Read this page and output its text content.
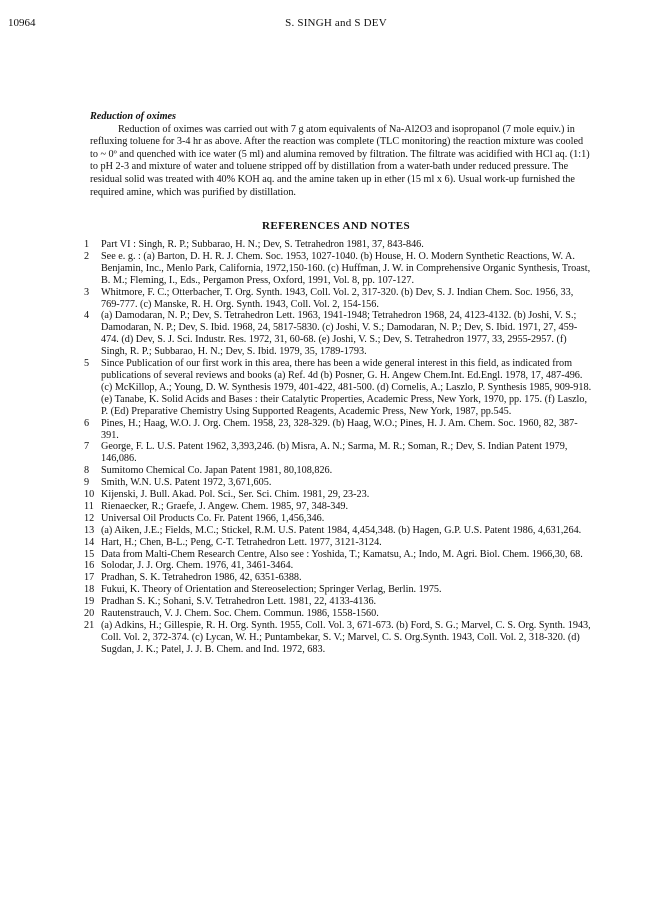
10964	S. SINGH and S DEV
Reduction of oximes
Reduction of oximes was carried out with 7 g atom equivalents of Na-Al2O3 and isopropanol (7 mole equiv.) in refluxing toluene for 3-4 hr as above. After the reaction was complete (TLC monitoring) the reaction mixture was cooled to ~ 0º and quenched with ice water (5 ml) and alumina removed by filtration. The filtrate was acidified with HCl aq. (1:1) to pH 2-3 and mixture of water and toluene stripped off by distillation from a water-bath under reduced pressure. The residual solid was treated with 40% KOH aq. and the amine taken up in ether (15 ml x 6). Usual work-up furnished the required amine, which was purified by distillation.
REFERENCES AND NOTES
1	Part VI : Singh, R. P.; Subbarao, H. N.; Dev, S. Tetrahedron 1981, 37, 843-846.
2	See e. g. : (a) Barton, D. H. R. J. Chem. Soc. 1953, 1027-1040. (b) House, H. O. Modern Synthetic Reactions, W. A. Benjamin, Inc., Menlo Park, California, 1972,150-160. (c) Huffman, J. W. in Comprehensive Organic Synthesis, Troast, B. M.; Fleming, I., Eds., Pergamon Press, Oxford, 1991, Vol. 8, pp. 107-127.
3	Whitmore, F. C.; Otterbacher, T. Org. Synth. 1943, Coll. Vol. 2, 317-320. (b) Dev, S. J. Indian Chem. Soc. 1956, 33, 769-777. (c) Manske, R. H. Org. Synth. 1943, Coll. Vol. 2, 154-156.
4	(a) Damodaran, N. P.; Dev, S. Tetrahedron Lett. 1963, 1941-1948; Tetrahedron 1968, 24, 4123-4132. (b) Joshi, V. S.; Damodaran, N. P.; Dev, S. Ibid. 1968, 24, 5817-5830. (c) Joshi, V. S.; Damodaran, N. P.; Dev, S. Ibid. 1971, 27, 459-474. (d) Dev, S. J. Sci. Industr. Res. 1972, 31, 60-68. (e) Joshi, V. S.; Dev, S. Tetrahedron 1977, 33, 2955-2957. (f) Singh, R. P.; Subbarao, H. N.; Dev, S. Ibid. 1979, 35, 1789-1793.
5	Since Publication of our first work in this area, there has been a wide general interest in this field, as indicated from publications of several reviews and books (a) Ref. 4d (b) Posner, G. H. Angew Chem.Int. Ed.Engl. 1978, 17, 487-496. (c) McKillop, A.; Young, D. W. Synthesis 1979, 401-422, 481-500. (d) Cornelis, A.; Laszlo, P. Synthesis 1985, 909-918. (e) Tanabe, K. Solid Acids and Bases : their Catalytic Properties, Academic Press, New York, 1970, pp. 175. (f) Laszlo, P. (Ed) Preparative Chemistry Using Supported Reagents, Academic Press, New York, 1987, pp.545.
6	Pines, H.; Haag, W.O. J. Org. Chem. 1958, 23, 328-329. (b) Haag, W.O.; Pines, H. J. Am. Chem. Soc. 1960, 82, 387-391.
7	George, F. L. U.S. Patent 1962, 3,393,246. (b) Misra, A. N.; Sarma, M. R.; Soman, R.; Dev, S. Indian Patent 1979, 146,086.
8	Sumitomo Chemical Co. Japan Patent 1981, 80,108,826.
9	Smith, W.N. U.S. Patent 1972, 3,671,605.
10 Kijenski, J. Bull. Akad. Pol. Sci., Ser. Sci. Chim. 1981, 29, 23-23.
11 Rienaecker, R.; Graefe, J. Angew. Chem. 1985, 97, 348-349.
12 Universal Oil Products Co. Fr. Patent 1966, 1,456,346.
13 (a) Aiken, J.E.; Fields, M.C.; Stickel, R.M. U.S. Patent 1984, 4,454,348. (b) Hagen, G.P. U.S. Patent 1986, 4,631,264.
14 Hart, H.; Chen, B-L.; Peng, C-T. Tetrahedron Lett. 1977, 3121-3124.
15 Data from Malti-Chem Research Centre, Also see : Yoshida, T.; Kamatsu, A.; Indo, M. Agri. Biol. Chem. 1966,30, 68.
16 Solodar, J. J. Org. Chem. 1976, 41, 3461-3464.
17 Pradhan, S. K. Tetrahedron 1986, 42, 6351-6388.
18 Fukui, K. Theory of Orientation and Stereoselection; Springer Verlag, Berlin. 1975.
19 Pradhan S. K.; Sohani, S.V. Tetrahedron Lett. 1981, 22, 4133-4136.
20 Rautenstrauch, V. J. Chem. Soc. Chem. Commun. 1986, 1558-1560.
21 (a) Adkins, H.; Gillespie, R. H. Org. Synth. 1955, Coll. Vol. 3, 671-673. (b) Ford, S. G.; Marvel, C. S. Org. Synth. 1943, Coll. Vol. 2, 372-374. (c) Lycan, W. H.; Puntambekar, S. V.; Marvel, C. S. Org.Synth. 1943, Coll. Vol. 2, 318-320. (d) Sugdan, J. K.; Patel, J. J. B. Chem. and Ind. 1972, 683.
